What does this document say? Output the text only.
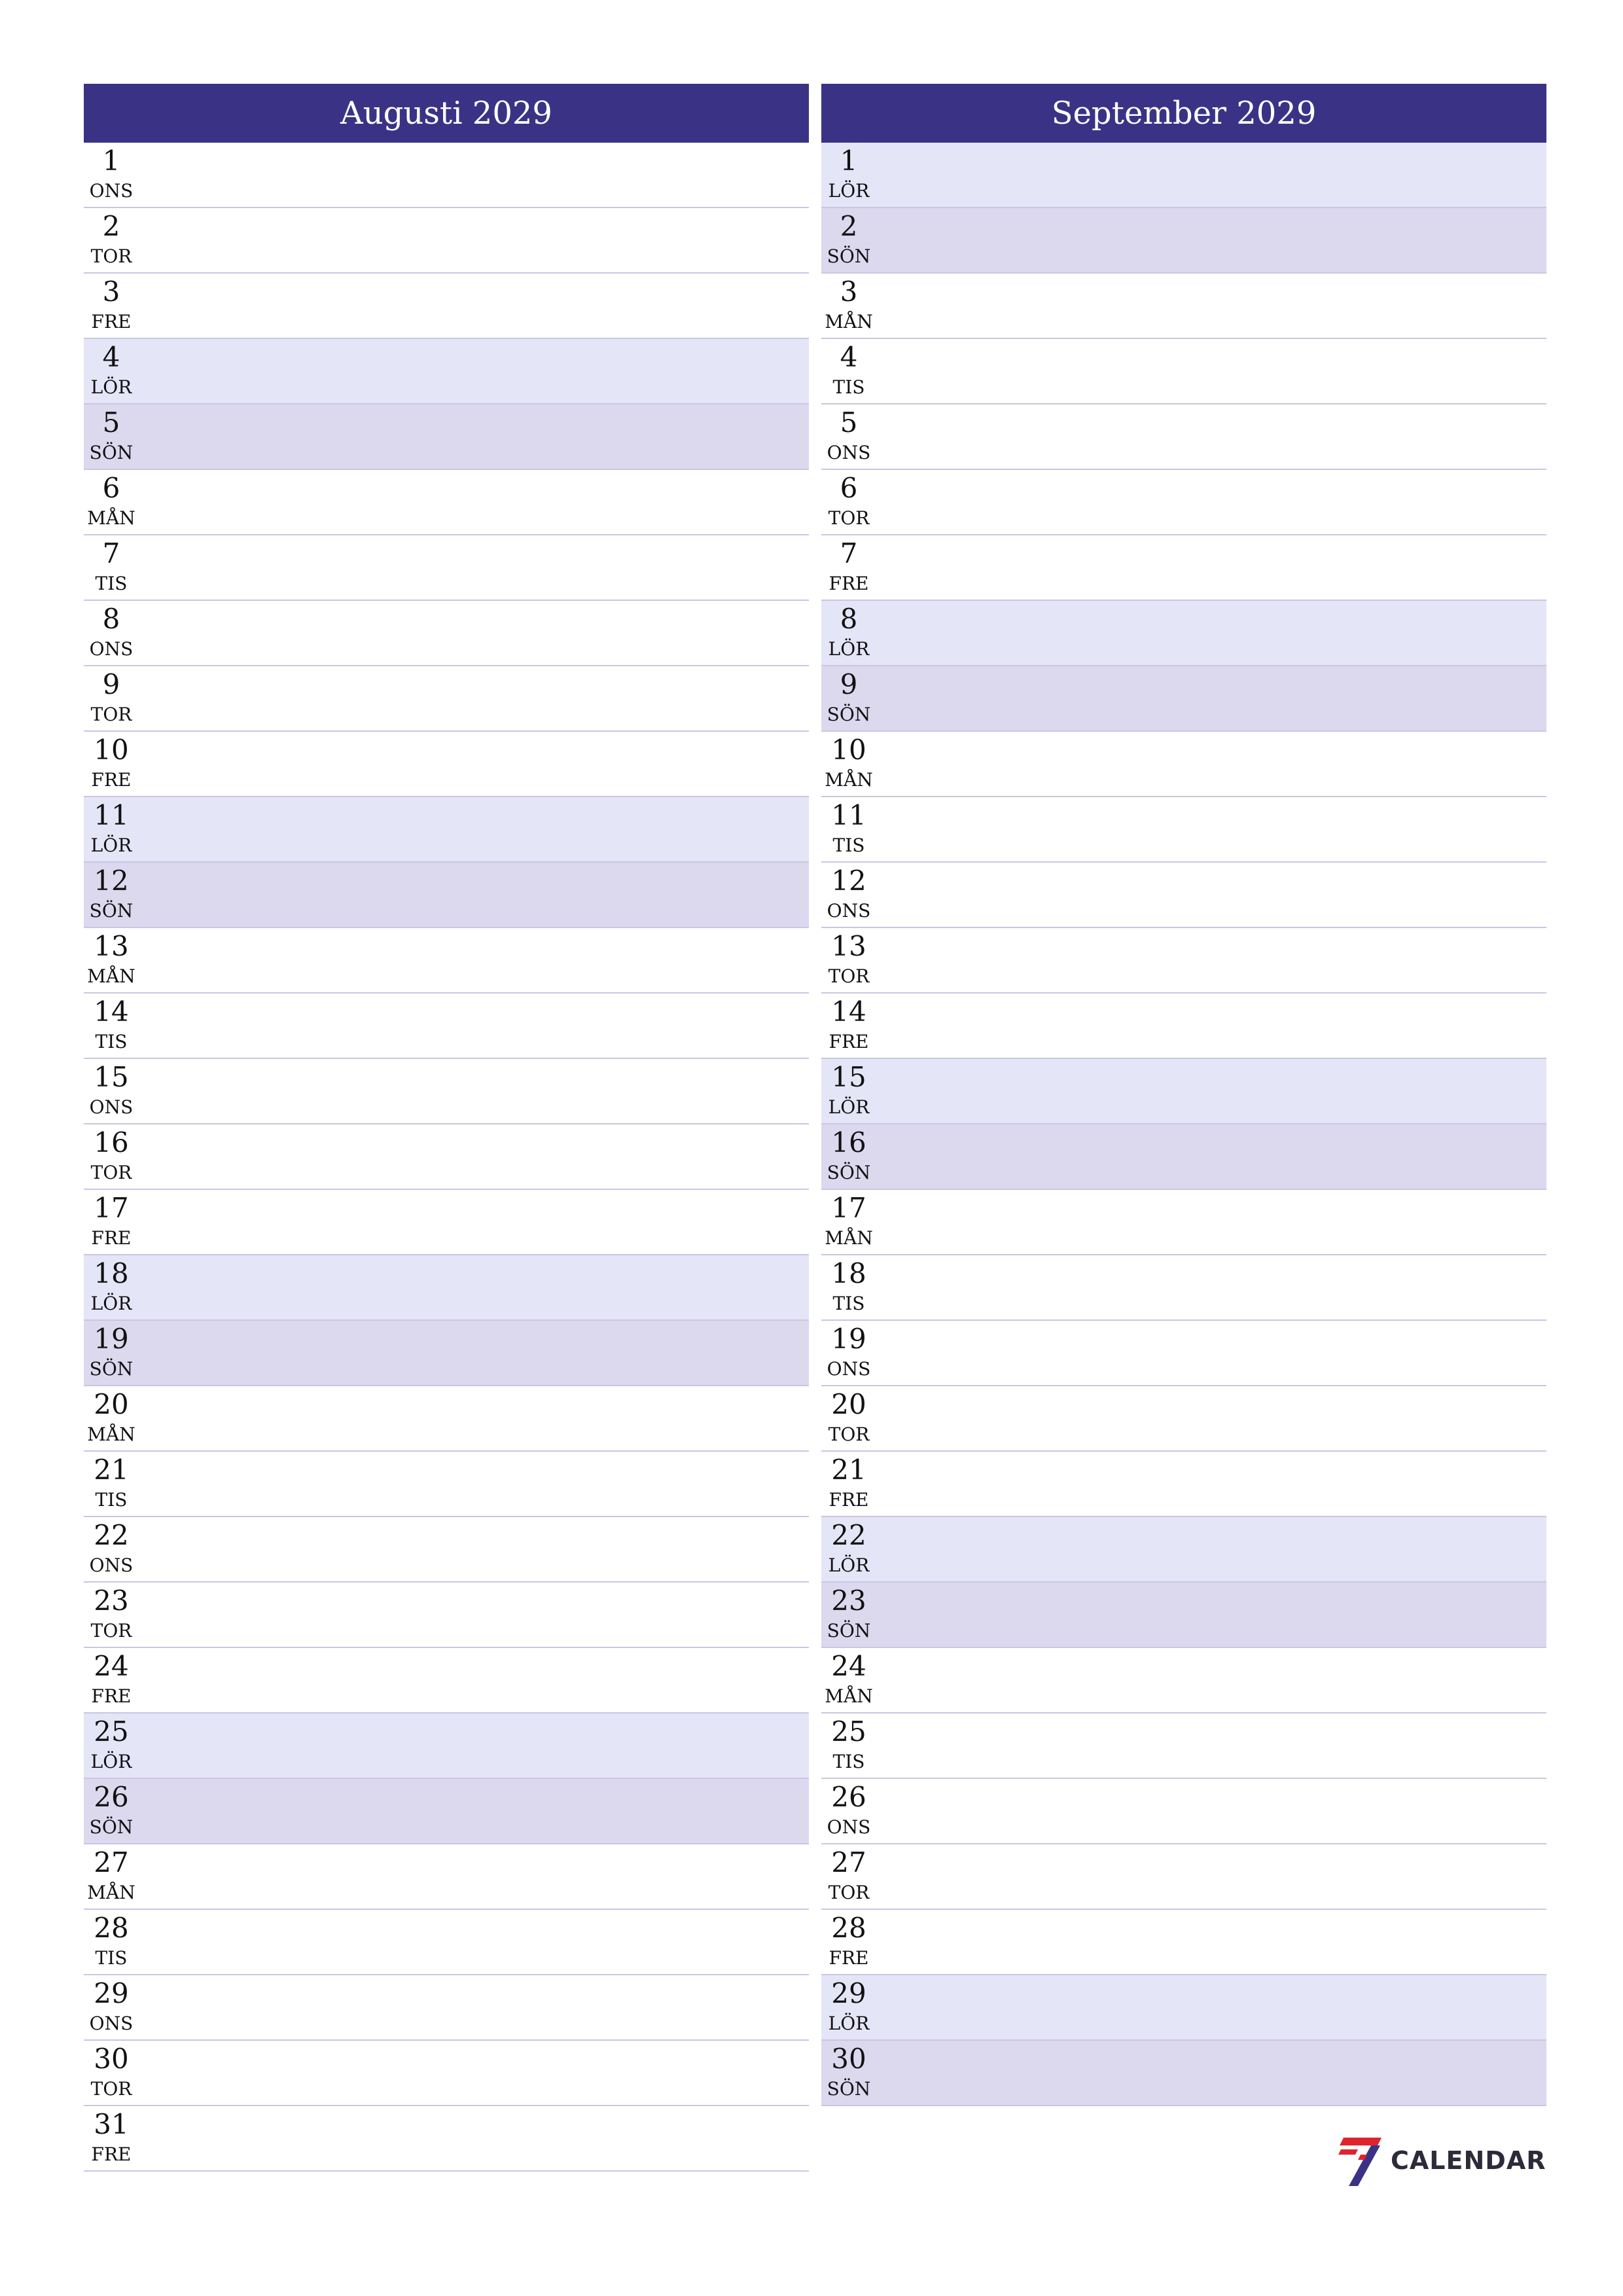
Augusti 2029
1
ONS
2
TOR
3
FRE
4
LÖR
5
SÖN
6
MÅN
7
TIS
8
ONS
9
TOR
10
FRE
11
LÖR
12
SÖN
13
MÅN
14
TIS
15
ONS
16
TOR
17
FRE
18
LÖR
19
SÖN
20
MÅN
21
TIS
22
ONS
23
TOR
24
FRE
25
LÖR
26
SÖN
27
MÅN
28
TIS
29
ONS
30
TOR
31
FRE
September 2029
1
LÖR
2
SÖN
3
MÅN
4
TIS
5
ONS
6
TOR
7
FRE
8
LÖR
9
SÖN
10
MÅN
11
TIS
12
ONS
13
TOR
14
FRE
15
LÖR
16
SÖN
17
MÅN
18
TIS
19
ONS
20
TOR
21
FRE
22
LÖR
23
SÖN
24
MÅN
25
TIS
26
ONS
27
TOR
28
FRE
29
LÖR
30
SÖN
CALENDAR
